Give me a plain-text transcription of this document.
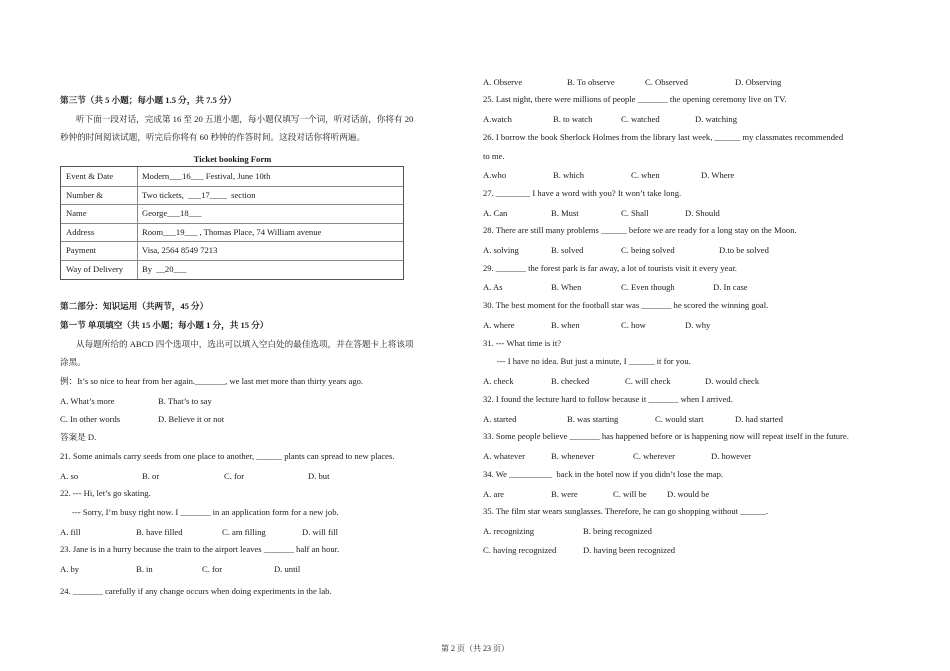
第三节（共 5 小题；每小题 1.5 分，共 7.5 分）
听下面一段对话，完成第 16 至 20 五道小题，每小题仅填写一个词，听对话前，你将有 20
秒钟的时间阅读试题，听完后你将有 60 秒钟的作答时间。这段对话你将听两遍。
Ticket booking Form
Event & Date	Modern___16___ Festival, June 10th
Number &	Two tickets,  ___17____  section
Name	George___18___
Address	Room___19___ , Thomas Place, 74 William avenue
Payment	Visa, 2564 8549 7213
Way of Delivery By  __20___
第二部分：知识运用（共两节，45 分）
第一节 单项填空（共 15 小题；每小题 1 分，共 15 分）
从每题所给的 ABCD 四个选项中，选出可以填入空白处的最佳选项，并在答题卡上将该项
涂黑。
例：It’s so nice to hear from her again._______, we last met more than thirty years ago.
A. What’s more	B. That’s to say
C. In other words	D. Believe it or not
答案是 D.
21. Some animals carry seeds from one place to another, ______ plants can spread to new places.
A. so	B. or	C. for	D. but
22. --- Hi, let’s go skating.
--- Sorry, I’m busy right now. I _______ in an application form for a new job.
A. fill	B. have filled	C. am filling	D. will fill
23. Jane is in a hurry because the train to the airport leaves _______ half an hour.
A. by	B. in	C. for	D. until
24. _______ carefully if any change occurs when doing experiments in the lab.
A. Observe	B. To observe	C. Observed	D. Observing
25. Last night, there were millions of people _______ the opening ceremony live on TV.
A.watch	B. to watch	C. watched	D. watching
26. I borrow the book Sherlock Holmes from the library last week, ______ my classmates recommended
to me.
A.who	B. which	C. when	D. Where
27. ________ I have a word with you? It won’t take long.
A. Can	B. Must	C. Shall	D. Should
28. There are still many problems ______ before we are ready for a long stay on the Moon.
A. solving	B. solved	C. being solved	D.to be solved
29. _______ the forest park is far away, a lot of tourists visit it every year.
A. As	B. When	C. Even though	D. In case
30. The best moment for the football star was _______ he scored the winning goal.
A. where	B. when	C. how	D. why
31. --- What time is it?
--- I have no idea. But just a minute, I ______ it for you.
A. check	B. checked	C. will check	D. would check
32. I found the lecture hard to follow because it _______ when I arrived.
A. started	B. was starting	C. would start	D. had started
33. Some people believe _______ has happened before or is happening now will repeat itself in the future.
A. whatever	B. whenever	C. wherever	D. however
34. We __________  back in the hotel now if you didn’t lose the map.
A. are	B. were	C. will be D. would be
35. The film star wears sunglasses. Therefore, he can go shopping without ______.
A. recognizing	B. being recognized
C. having recognized	D. having been recognized
第 2 页（共 23 页）
